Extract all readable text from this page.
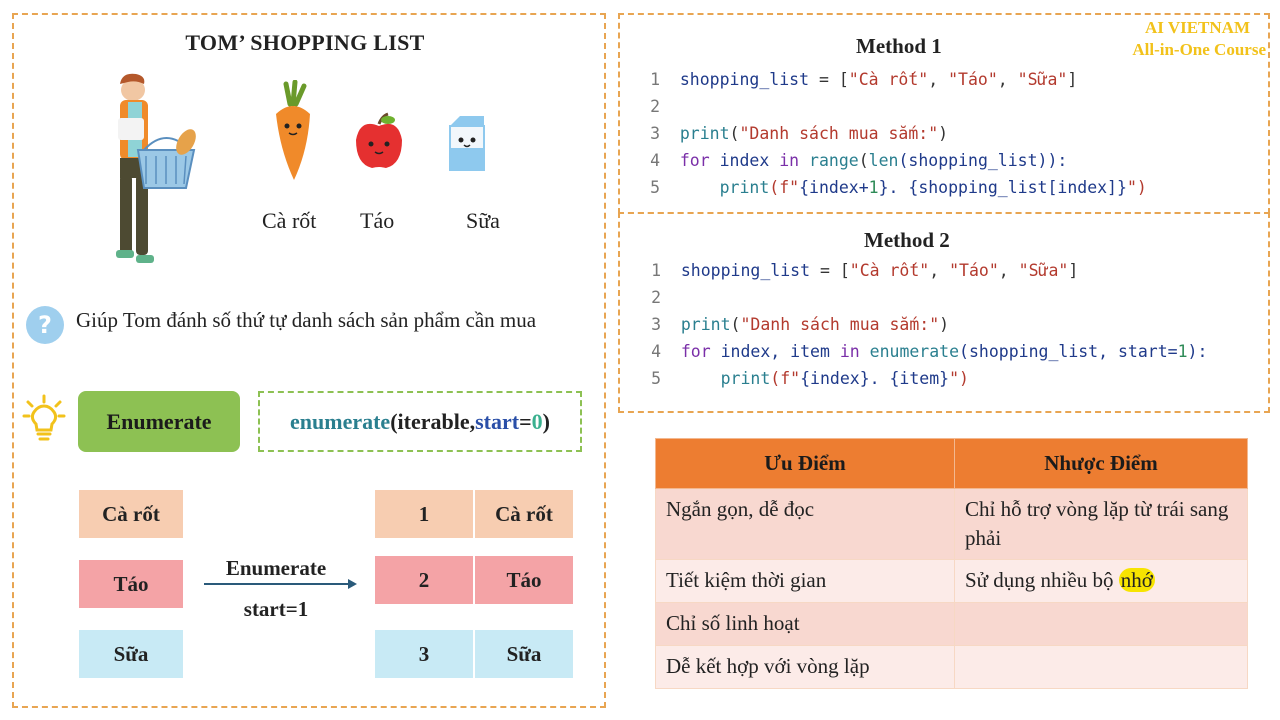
AI VIETNAM
All-in-One Course
TOM’ SHOPPING LIST
Cà rốt Táo	Sữa
?	Giúp Tom đánh số thứ tự danh sách sản phẩm cần mua
Enumerate	enumerate ( iterable, start = 0 )
Cà rốt
Táo
Sữa
Enumerate
start=1
1	Cà rốt
2	Táo
3	Sữa
Method 1
1 shopping_list = ["Cà rốt", "Táo", "Sữa"]
2
3 print("Danh sách mua sắm:")
4 for index in range(len(shopping_list)):
5      print(f"{index+1}. {shopping_list[index]}")
Method 2
1 shopping_list = ["Cà rốt", "Táo", "Sữa"]
2
3 print("Danh sách mua sắm:")
4 for index, item in enumerate(shopping_list, start=1):
5      print(f"{index}. {item}")
Ưu Điểm	Nhược Điểm
Ngắn gọn, dễ đọc	Chỉ hỗ trợ vòng lặp từ trái sang phải
Tiết kiệm thời gian	Sử dụng nhiều bộ nhớ
Chỉ số linh hoạt	
Dễ kết hợp với vòng lặp	
